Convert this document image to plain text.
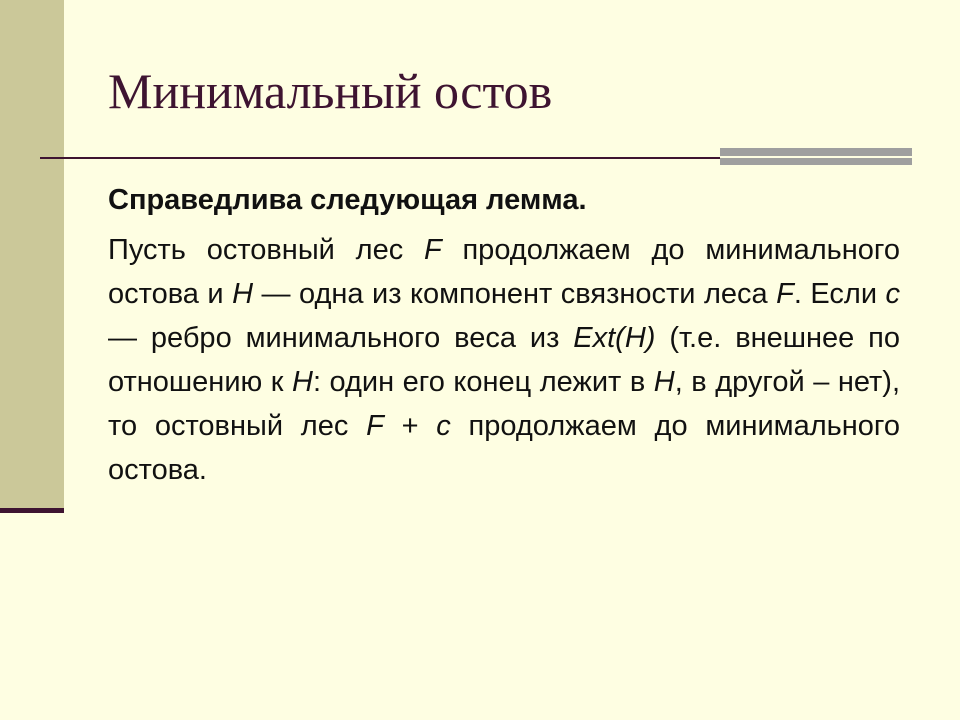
Минимальный остов

Справедлива следующая лемма.

Пусть остовный лес F продолжаем до минимального остова и H — одна из компонент связности леса F. Если c — ребро минимального веса из Ext(H) (т.е. внешнее по отношению к H: один его конец лежит в H, в другой – нет), то остовный лес F + c продолжаем до минимального остова.
